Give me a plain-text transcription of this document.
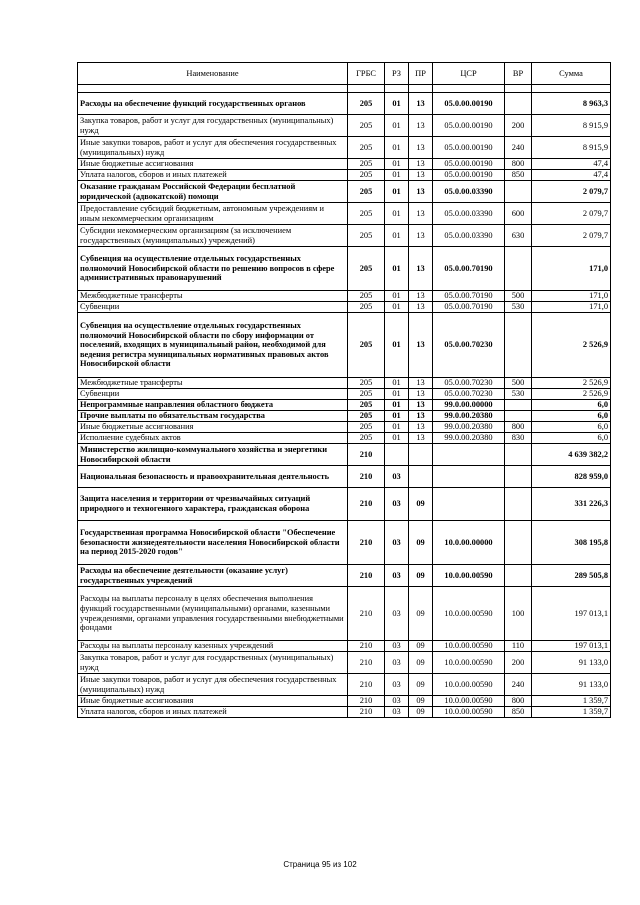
Наименование	ГРБС	РЗ	ПР	ЦСР	ВР	Сумма

Расходы на обеспечение функций государственных органов	205	01	13	05.0.00.00190		8 963,3
Закупка товаров, работ и услуг для государственных (муниципальных) нужд	205	01	13	05.0.00.00190	200	8 915,9
Иные закупки товаров, работ и услуг для обеспечения государственных (муниципальных) нужд	205	01	13	05.0.00.00190	240	8 915,9
Иные бюджетные ассигнования	205	01	13	05.0.00.00190	800	47,4
Уплата налогов, сборов и иных платежей	205	01	13	05.0.00.00190	850	47,4
Оказание гражданам Российской Федерации бесплатной юридической (адвокатской) помощи	205	01	13	05.0.00.03390		2 079,7
Предоставление субсидий бюджетным, автономным учреждениям и иным некоммерческим организациям	205	01	13	05.0.00.03390	600	2 079,7
Субсидии некоммерческим организациям (за исключением государственных (муниципальных) учреждений)	205	01	13	05.0.00.03390	630	2 079,7
Субвенция на осуществление отдельных государственных полномочий Новосибирской области по решению вопросов в сфере административных правонарушений	205	01	13	05.0.00.70190		171,0
Межбюджетные трансферты	205	01	13	05.0.00.70190	500	171,0
Субвенции	205	01	13	05.0.00.70190	530	171,0
Субвенция на осуществление отдельных государственных полномочий Новосибирской области по сбору информации от поселений, входящих в муниципальный район, необходимой для ведения регистра муниципальных нормативных правовых актов Новосибирской области	205	01	13	05.0.00.70230		2 526,9
Межбюджетные трансферты	205	01	13	05.0.00.70230	500	2 526,9
Субвенции	205	01	13	05.0.00.70230	530	2 526,9
Непрограммные направления областного бюджета	205	01	13	99.0.00.00000		6,0
Прочие выплаты по обязательствам государства	205	01	13	99.0.00.20380		6,0
Иные бюджетные ассигнования	205	01	13	99.0.00.20380	800	6,0
Исполнение судебных актов	205	01	13	99.0.00.20380	830	6,0
Министерство жилищно-коммунального хозяйства и энергетики Новосибирской области	210					4 639 382,2
Национальная безопасность и правоохранительная деятельность	210	03				828 959,0
Защита населения и территории от чрезвычайных ситуаций природного и техногенного характера, гражданская оборона	210	03	09			331 226,3
Государственная программа Новосибирской области "Обеспечение безопасности жизнедеятельности населения Новосибирской области на период 2015-2020 годов"	210	03	09	10.0.00.00000		308 195,8
Расходы на обеспечение деятельности (оказание услуг) государственных учреждений	210	03	09	10.0.00.00590		289 505,8
Расходы на выплаты персоналу в целях обеспечения выполнения функций государственными (муниципальными) органами, казенными учреждениями, органами управления государственными внебюджетными фондами	210	03	09	10.0.00.00590	100	197 013,1
Расходы на выплаты персоналу казенных учреждений	210	03	09	10.0.00.00590	110	197 013,1
Закупка товаров, работ и услуг для государственных (муниципальных) нужд	210	03	09	10.0.00.00590	200	91 133,0
Иные закупки товаров, работ и услуг для обеспечения государственных (муниципальных) нужд	210	03	09	10.0.00.00590	240	91 133,0
Иные бюджетные ассигнования	210	03	09	10.0.00.00590	800	1 359,7
Уплата налогов, сборов и иных платежей	210	03	09	10.0.00.00590	850	1 359,7
Страница 95 из 102
